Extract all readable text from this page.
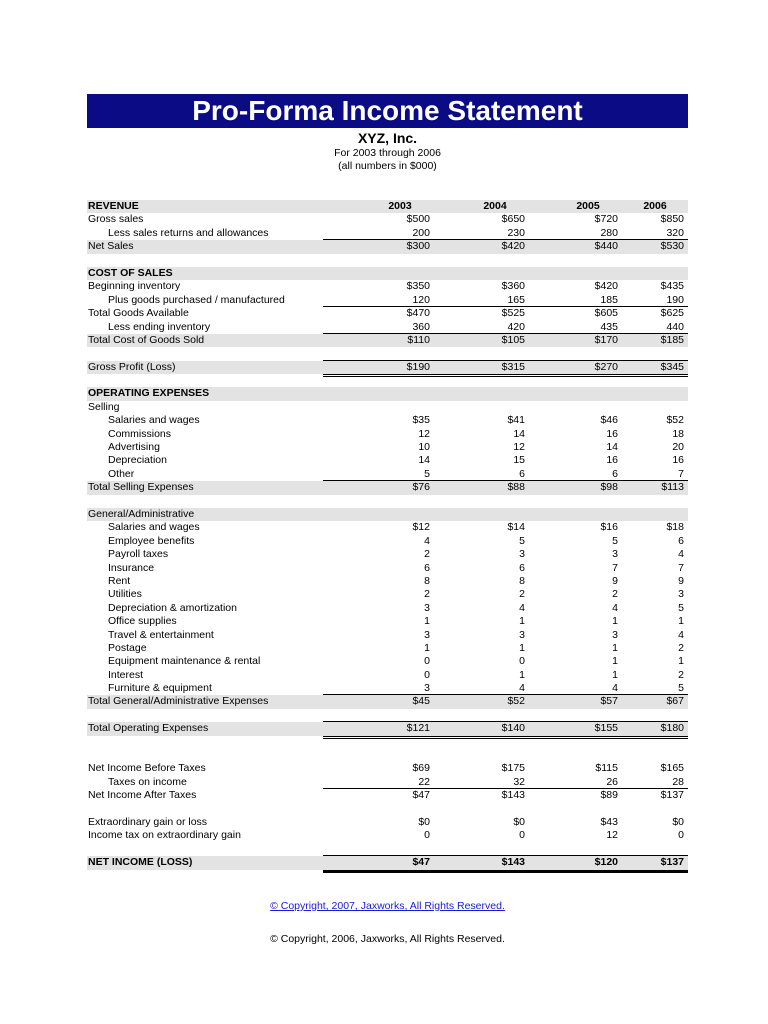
Pro-Forma Income Statement
XYZ, Inc.
For 2003 through 2006
(all numbers in $000)
REVENUE	2003	2004	2005	2006
Gross sales	$500	$650	$720	$850
Less sales returns and allowances	200	230	280	320
Net Sales	$300	$420	$440	$530
COST OF SALES
Beginning inventory	$350	$360	$420	$435
Plus goods purchased / manufactured	120	165	185	190
Total Goods Available	$470	$525	$605	$625
Less ending inventory	360	420	435	440
Total Cost of Goods Sold	$110	$105	$170	$185
Gross Profit (Loss)	$190	$315	$270	$345
OPERATING EXPENSES
Selling
Salaries and wages	$35	$41	$46	$52
Commissions	12	14	16	18
Advertising	10	12	14	20
Depreciation	14	15	16	16
Other	5	6	6	7
Total Selling Expenses	$76	$88	$98	$113
General/Administrative
Salaries and wages	$12	$14	$16	$18
Employee benefits	4	5	5	6
Payroll taxes	2	3	3	4
Insurance	6	6	7	7
Rent	8	8	9	9
Utilities	2	2	2	3
Depreciation & amortization	3	4	4	5
Office supplies	1	1	1	1
Travel & entertainment	3	3	3	4
Postage	1	1	1	2
Equipment maintenance & rental	0	0	1	1
Interest	0	1	1	2
Furniture & equipment	3	4	4	5
Total General/Administrative Expenses	$45	$52	$57	$67
Total Operating Expenses	$121	$140	$155	$180
Net Income Before Taxes	$69	$175	$115	$165
Taxes on income	22	32	26	28
Net Income After Taxes	$47	$143	$89	$137
Extraordinary gain or loss	$0	$0	$43	$0
Income tax on extraordinary gain	0	0	12	0
NET INCOME (LOSS)	$47	$143	$120	$137
© Copyright, 2007, Jaxworks, All Rights Reserved.
© Copyright, 2006, Jaxworks, All Rights Reserved.
